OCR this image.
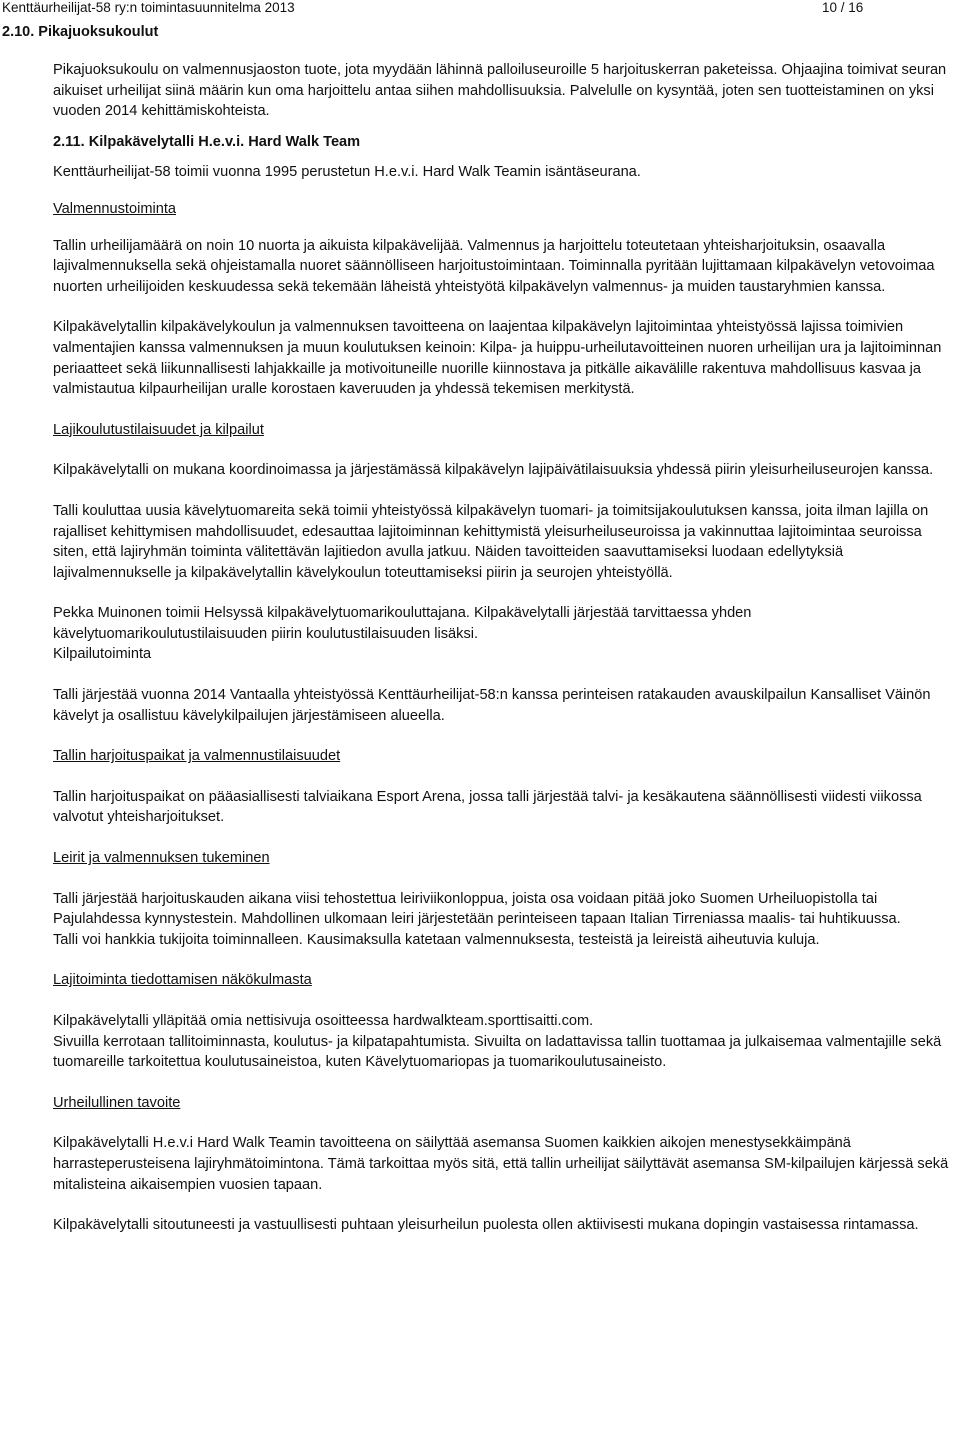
Kenttäurheilijat-58 ry:n toimintasuunnitelma 2013	10 / 16
2.10. Pikajuoksukoulut

Pikajuoksukoulu on valmennusjaoston tuote, jota myydään lähinnä palloiluseuroille 5 harjoituskerran paketeissa. Ohjaajina toimivat seuran aikuiset urheilijat siinä määrin kun oma harjoittelu antaa siihen mahdollisuuksia. Palvelulle on kysyntää, joten sen tuotteistaminen on yksi vuoden 2014 kehittämiskohteista.

2.11. Kilpakävelytalli H.e.v.i. Hard Walk Team

Kenttäurheilijat-58 toimii vuonna 1995 perustetun H.e.v.i. Hard Walk Teamin isäntäseurana.

Valmennustoiminta

Tallin urheilijamäärä on noin 10 nuorta ja aikuista kilpakävelijää. Valmennus ja harjoittelu toteutetaan yhteisharjoituksin, osaavalla lajivalmennuksella sekä ohjeistamalla nuoret säännölliseen harjoitustoimintaan. Toiminnalla pyritään lujittamaan kilpakävelyn vetovoimaa nuorten urheilijoiden keskuudessa sekä tekemään läheistä yhteistyötä kilpakävelyn valmennus- ja muiden taustaryhmien kanssa.

Kilpakävelytallin kilpakävelykoulun ja valmennuksen tavoitteena on laajentaa kilpakävelyn lajitoimintaa yhteistyössä lajissa toimivien valmentajien kanssa valmennuksen ja muun koulutuksen keinoin: Kilpa- ja huippu-urheilutavoitteinen nuoren urheilijan ura ja lajitoiminnan periaatteet sekä liikunnallisesti lahjakkaille ja motivoituneille nuorille kiinnostava ja pitkälle aikavälille rakentuva mahdollisuus kasvaa ja valmistautua kilpaurheilijan uralle korostaen kaveruuden ja yhdessä tekemisen merkitystä.

Lajikoulutustilaisuudet ja kilpailut

Kilpakävelytalli on mukana koordinoimassa ja järjestämässä kilpakävelyn lajipäivätilaisuuksia yhdessä piirin yleisurheiluseurojen kanssa.

Talli kouluttaa uusia kävelytuomareita sekä toimii yhteistyössä kilpakävelyn tuomari- ja toimitsijakoulutuksen kanssa, joita ilman lajilla on rajalliset kehittymisen mahdollisuudet, edesauttaa lajitoiminnan kehittymistä yleisurheiluseuroissa ja vakinnuttaa lajitoimintaa seuroissa siten, että lajiryhmän toiminta välitettävän lajitiedon avulla jatkuu. Näiden tavoitteiden saavuttamiseksi luodaan edellytyksiä lajivalmennukselle ja kilpakävelytallin kävelykoulun toteuttamiseksi piirin ja seurojen yhteistyöllä.

Pekka Muinonen toimii Helsyssä kilpakävelytuomarikouluttajana. Kilpakävelytalli järjestää tarvittaessa yhden kävelytuomarikoulutustilaisuuden piirin koulutustilaisuuden lisäksi.

Kilpailutoiminta

Talli järjestää vuonna 2014 Vantaalla yhteistyössä Kenttäurheilijat-58:n kanssa perinteisen ratakauden avauskilpailun Kansalliset Väinön kävelyt ja osallistuu kävelykilpailujen järjestämiseen alueella.

Tallin harjoituspaikat ja valmennustilaisuudet

Tallin harjoituspaikat on pääasiallisesti talviaikana Esport Arena, jossa talli järjestää talvi- ja kesäkautena säännöllisesti viidesti viikossa valvotut yhteisharjoitukset.

Leirit ja valmennuksen tukeminen

Talli järjestää harjoituskauden aikana viisi tehostettua leiriviikonloppua, joista osa voidaan pitää joko Suomen Urheiluopistolla tai Pajulahdessa kynnystestein. Mahdollinen ulkomaan leiri järjestetään perinteiseen tapaan Italian Tirreniassa maalis- tai huhtikuussa.

Talli voi hankkia tukijoita toiminnalleen. Kausimaksulla katetaan valmennuksesta, testeistä ja leireistä aiheutuvia kuluja.

Lajitoiminta tiedottamisen näkökulmasta

Kilpakävelytalli ylläpitää omia nettisivuja osoitteessa hardwalkteam.sporttisaitti.com.

Sivuilla kerrotaan tallitoiminnasta, koulutus- ja kilpatapahtumista. Sivuilta on ladattavissa tallin tuottamaa ja julkaisemaa valmentajille sekä tuomareille tarkoitettua koulutusaineistoa, kuten Kävelytuomariopas ja tuomarikoulutusaineisto.

Urheilullinen tavoite

Kilpakävelytalli H.e.v.i Hard Walk Teamin tavoitteena on säilyttää asemansa Suomen kaikkien aikojen menestysekkäimpänä harrasteperusteisena lajiryhmätoimintona. Tämä tarkoittaa myös sitä, että tallin urheilijat säilyttävät asemansa SM-kilpailujen kärjessä sekä mitalisteina aikaisempien vuosien tapaan.

Kilpakävelytalli sitoutuneesti ja vastuullisesti puhtaan yleisurheilun puolesta ollen aktiivisesti mukana dopingin vastaisessa rintamassa.
